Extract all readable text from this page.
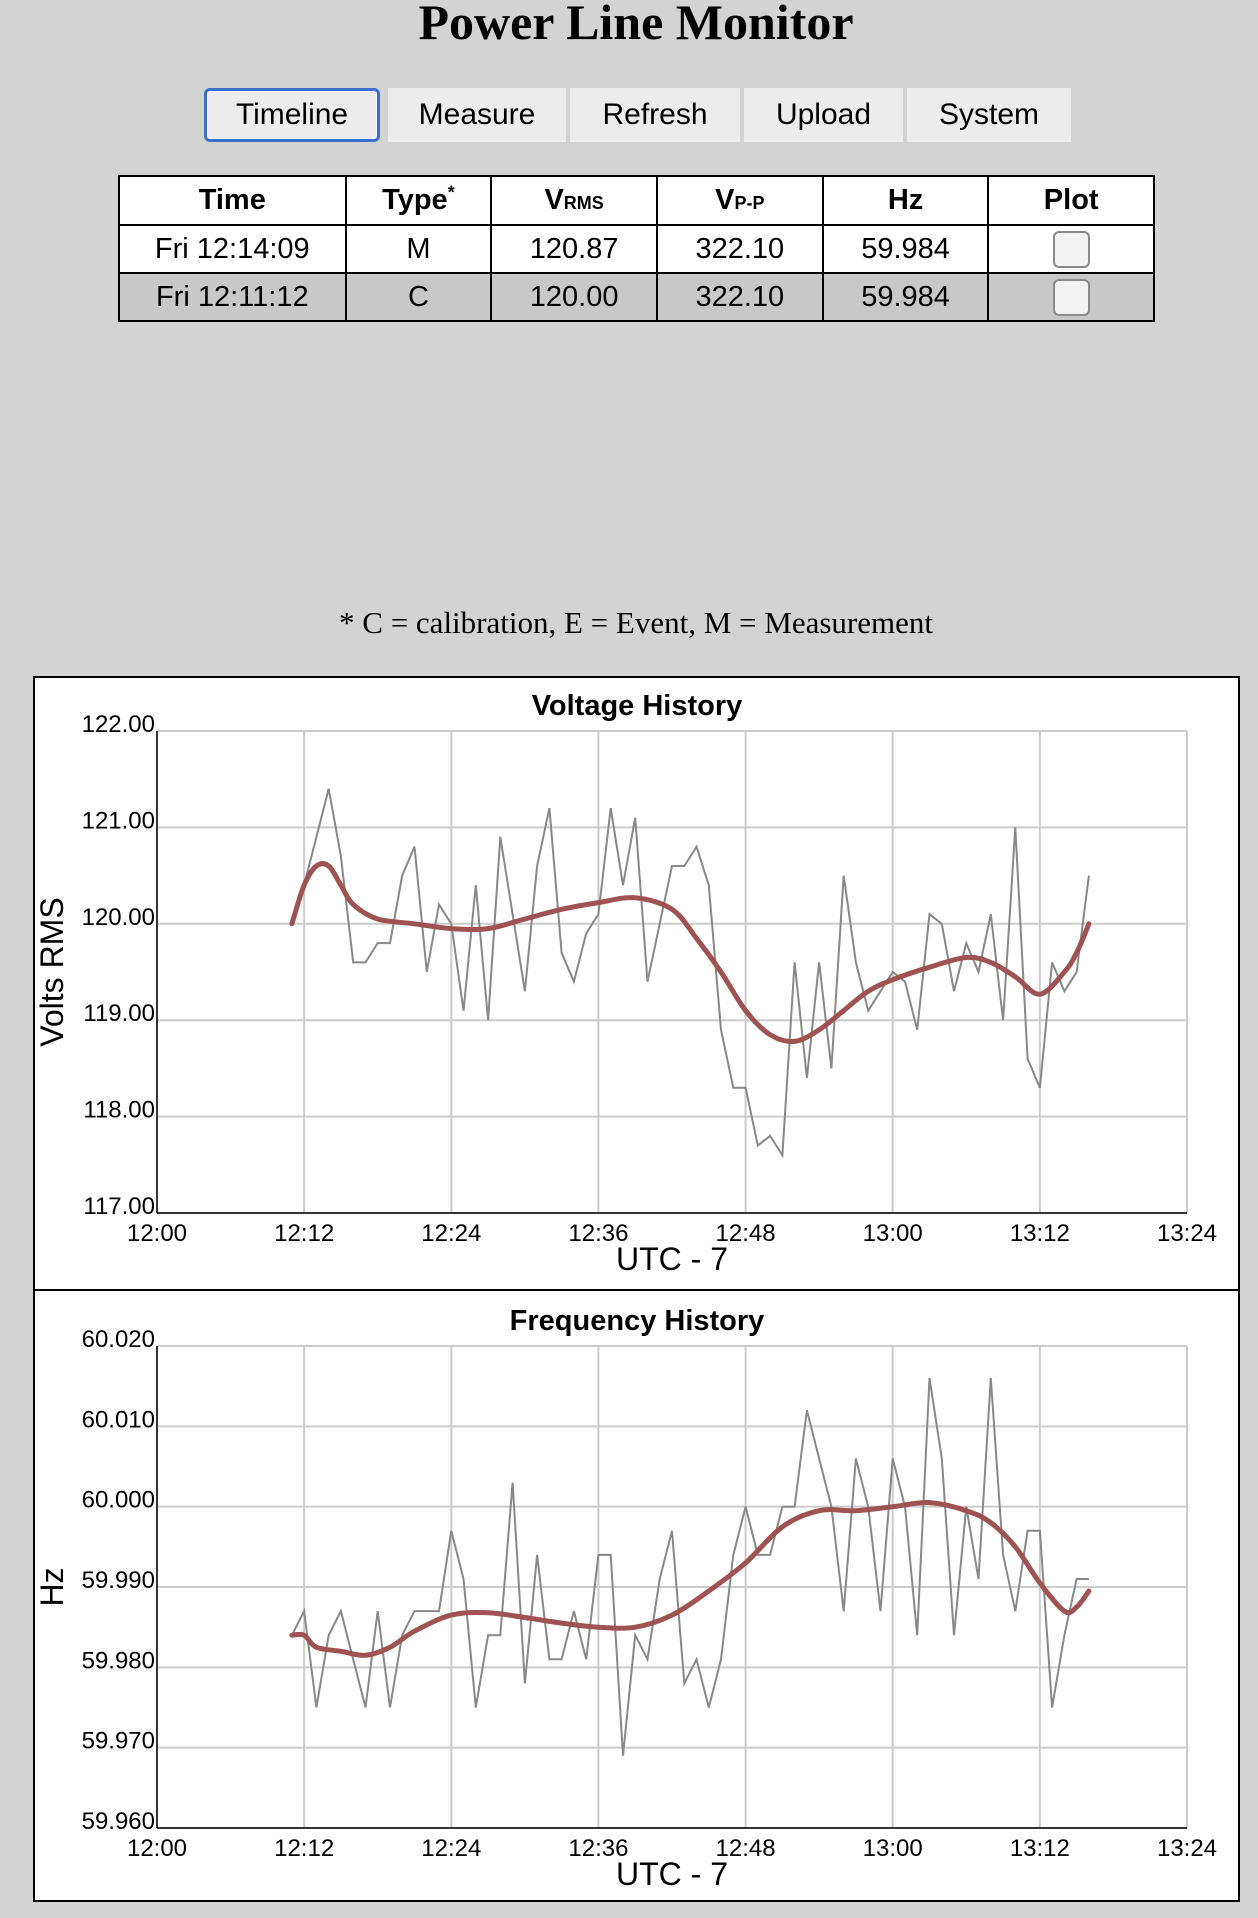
Power Line Monitor
Timeline	Measure	Refresh	Upload	System
Time	Type*	VRMS	VP-P	Hz	Plot
Fri 12:14:09	M	120.87	322.10	59.984	
Fri 12:11:12	C	120.00	322.10	59.984	
* C = calibration, E = Event, M = Measurement
Voltage History
12:00	12:12	12:24	12:36	12:48	13:00	13:12	13:24
122.00
121.00
120.00
119.00
118.00
117.00
UTC - 7
Volts RMS
Frequency History
12:00	12:12	12:24	12:36	12:48	13:00	13:12	13:24
60.020
60.010
60.000
59.990
59.980
59.970
59.960
UTC - 7
Hz
